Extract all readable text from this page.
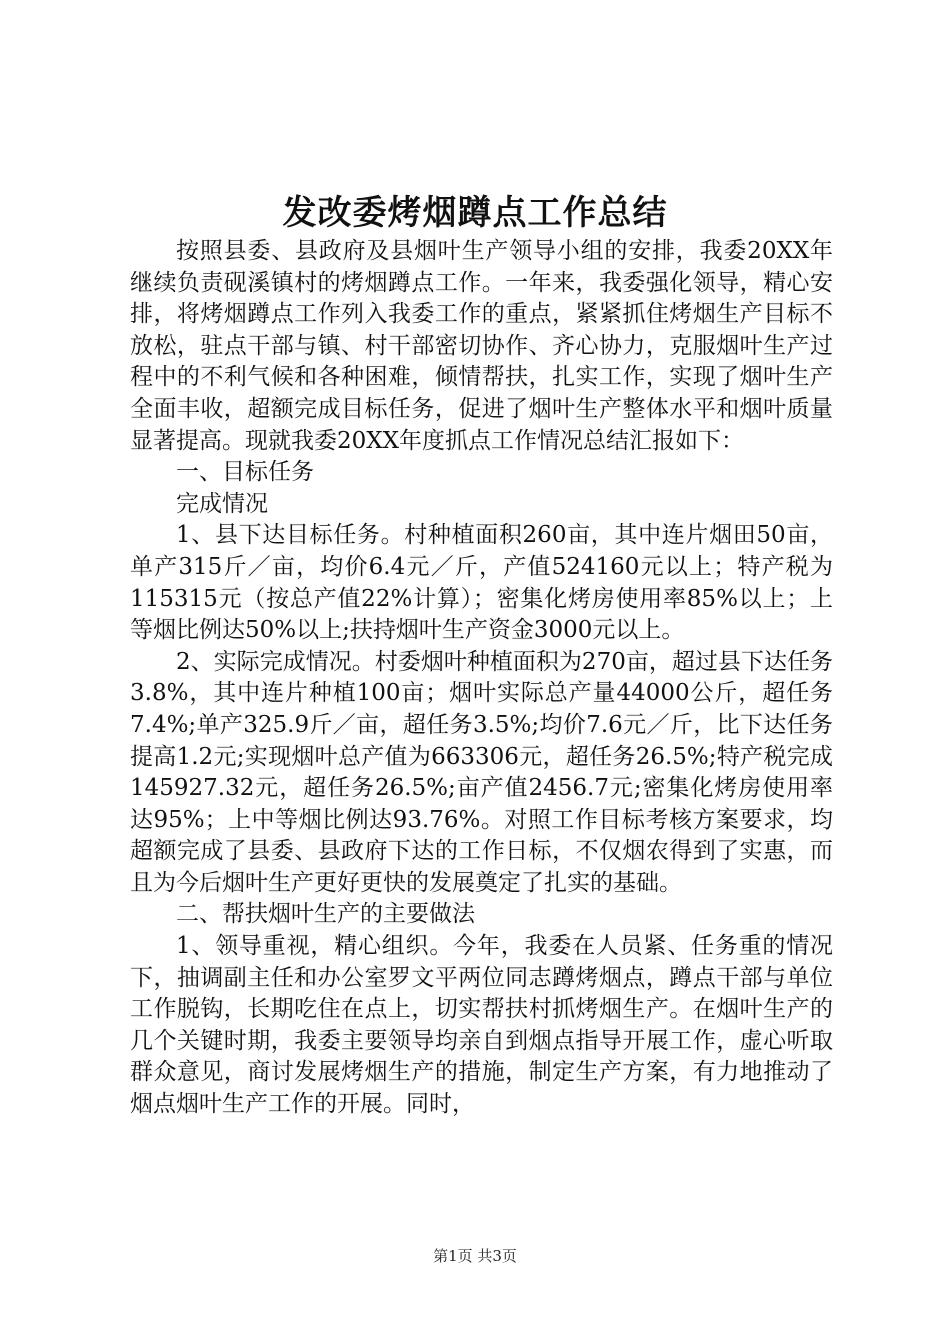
发改委烤烟蹲点工作总结

按照县委、县政府及县烟叶生产领导小组的安排，我委20XX年继续负责砚溪镇村的烤烟蹲点工作。一年来，我委强化领导，精心安排，将烤烟蹲点工作列入我委工作的重点，紧紧抓住烤烟生产目标不放松，驻点干部与镇、村干部密切协作、齐心协力，克服烟叶生产过程中的不利气候和各种困难，倾情帮扶，扎实工作，实现了烟叶生产全面丰收，超额完成目标任务，促进了烟叶生产整体水平和烟叶质量显著提高。现就我委20XX年度抓点工作情况总结汇报如下：

一、目标任务

完成情况

1、县下达目标任务。村种植面积260亩，其中连片烟田50亩，单产315斤／亩，均价6.4元／斤，产值524160元以上；特产税为115315元（按总产值22%计算）；密集化烤房使用率85%以上；上等烟比例达50%以上;扶持烟叶生产资金3000元以上。

2、实际完成情况。村委烟叶种植面积为270亩，超过县下达任务3.8%，其中连片种植100亩；烟叶实际总产量44000公斤，超任务7.4%;单产325.9斤／亩，超任务3.5%;均价7.6元／斤，比下达任务提高1.2元;实现烟叶总产值为663306元，超任务26.5%;特产税完成145927.32元，超任务26.5%;亩产值2456.7元;密集化烤房使用率达95%；上中等烟比例达93.76%。对照工作目标考核方案要求，均超额完成了县委、县政府下达的工作日标，不仅烟农得到了实惠，而且为今后烟叶生产更好更快的发展奠定了扎实的基础。

二、帮扶烟叶生产的主要做法

1、领导重视，精心组织。今年，我委在人员紧、任务重的情况下，抽调副主任和办公室罗文平两位同志蹲烤烟点，蹲点干部与单位工作脱钩，长期吃住在点上，切实帮扶村抓烤烟生产。在烟叶生产的几个关键时期，我委主要领导均亲自到烟点指导开展工作，虚心听取群众意见，商讨发展烤烟生产的措施，制定生产方案，有力地推动了烟点烟叶生产工作的开展。同时，

第1页 共3页
